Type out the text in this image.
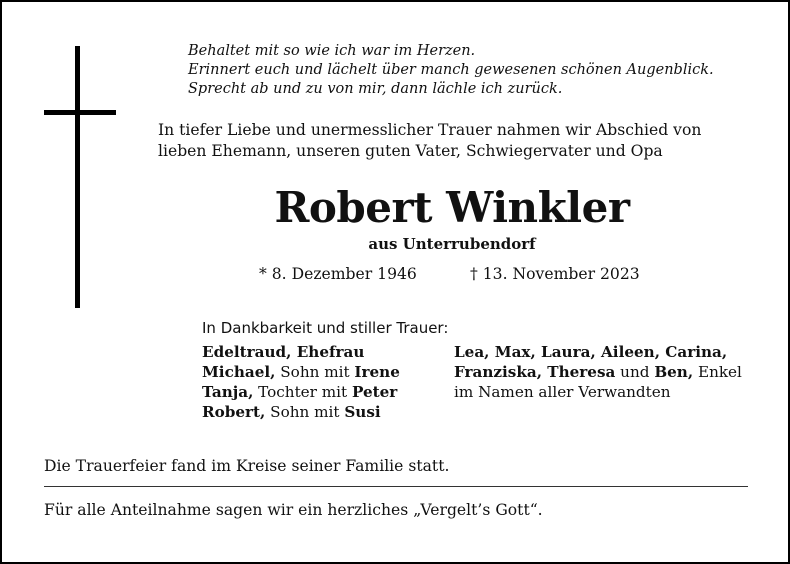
Behaltet mit so wie ich war im Herzen.
Erinnert euch und lächelt über manch gewesenen schönen Augenblick.
Sprecht ab und zu von mir, dann lächle ich zurück.
In tiefer Liebe und unermesslicher Trauer nahmen wir Abschied von
lieben Ehemann, unseren guten Vater, Schwiegervater und Opa
Robert Winkler
aus Unterrubendorf
* 8. Dezember 1946	† 13. November 2023
In Dankbarkeit und stiller Trauer:
Edeltraud, Ehefrau
Michael, Sohn mit Irene
Tanja, Tochter mit Peter
Robert, Sohn mit Susi
Lea, Max, Laura, Aileen, Carina,
Franziska, Theresa und Ben, Enkel
im Namen aller Verwandten
Die Trauerfeier fand im Kreise seiner Familie statt.
Für alle Anteilnahme sagen wir ein herzliches „Vergelt’s Gott“.
